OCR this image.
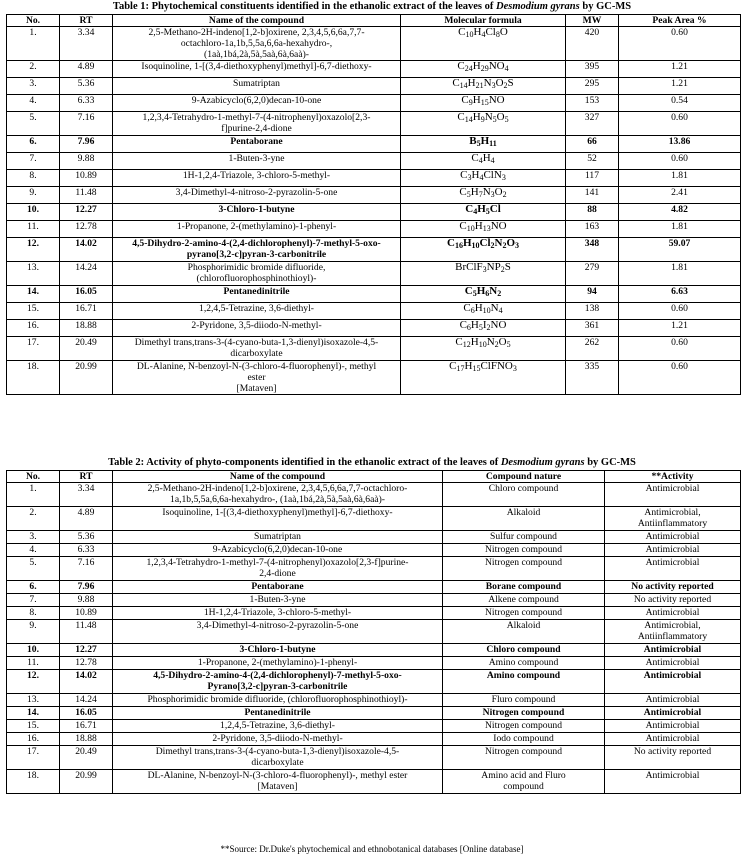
Table 1: Phytochemical constituents identified in the ethanolic extract of the leaves of Desmodium gyrans by GC-MS
No.	RT	Name of the compound	Molecular formula	MW	Peak Area %
1.	3.34	2,5-Methano-2H-indeno[1,2-b]oxirene, 2,3,4,5,6,6a,7,7-
octachloro-1a,1b,5,5a,6,6a-hexahydro-,
(1aà,1bá,2à,5à,5aà,6à,6aà)-	$C_{10}H_4Cl_8O$	420	0.60
2.	4.89	Isoquinoline, 1-[(3,4-diethoxyphenyl)methyl]-6,7-diethoxy-	$C_{24}H_{29}NO_4$	395	1.21
3.	5.36	Sumatriptan	$C_{14}H_{21}N_3O_2S$	295	1.21
4.	6.33	9-Azabicyclo(6,2,0)decan-10-one	$C_9H_{15}NO$	153	0.54
5.	7.16	1,2,3,4-Tetrahydro-1-methyl-7-(4-nitrophenyl)oxazolo[2,3-
f]purine-2,4-dione	$C_{14}H_9N_5O_5$	327	0.60
6.	7.96	Pentaborane	$B_5H_{11}$	66	13.86
7.	9.88	1-Buten-3-yne	$C_4H_4$	52	0.60
8.	10.89	1H-1,2,4-Triazole, 3-chloro-5-methyl-	$C_3H_4ClN_3$	117	1.81
9.	11.48	3,4-Dimethyl-4-nitroso-2-pyrazolin-5-one	$C_5H_7N_3O_2$	141	2.41
10.	12.27	3-Chloro-1-butyne	$C_4H_5Cl$	88	4.82
11.	12.78	1-Propanone, 2-(methylamino)-1-phenyl-	$C_{10}H_{13}NO$	163	1.81
12.	14.02	4,5-Dihydro-2-amino-4-(2,4-dichlorophenyl)-7-methyl-5-oxo-
pyrano[3,2-c]pyran-3-carbonitrile	$C_{16}H_{10}Cl_2N_2O_3$	348	59.07
13.	14.24	Phosphorimidic bromide difluoride,
(chlorofluorophosphinothioyl)-	$BrClF_3NP_2S$	279	1.81
14.	16.05	Pentanedinitrile	$C_5H_6N_2$	94	6.63
15.	16.71	1,2,4,5-Tetrazine, 3,6-diethyl-	$C_6H_{10}N_4$	138	0.60
16.	18.88	2-Pyridone, 3,5-diiodo-N-methyl-	$C_6H_5I_2NO$	361	1.21
17.	20.49	Dimethyl trans,trans-3-(4-cyano-buta-1,3-dienyl)isoxazole-4,5-
dicarboxylate	$C_{12}H_{10}N_2O_5$	262	0.60
18.	20.99	DL-Alanine, N-benzoyl-N-(3-chloro-4-fluorophenyl)-, methyl
ester
[Mataven]	$C_{17}H_{15}ClFNO_3$	335	0.60
Table 2: Activity of phyto-components identified in the ethanolic extract of the leaves of Desmodium gyrans by GC-MS
No.	RT	Name of the compound	Compound nature	**Activity
1.	3.34	2,5-Methano-2H-indeno[1,2-b]oxirene, 2,3,4,5,6,6a,7,7-octachloro-
1a,1b,5,5a,6,6a-hexahydro-, (1aà,1bá,2à,5à,5aà,6à,6aà)-	Chloro compound	Antimicrobial
2.	4.89	Isoquinoline, 1-[(3,4-diethoxyphenyl)methyl]-6,7-diethoxy-	Alkaloid	Antimicrobial,
Antiinflammatory
3.	5.36	Sumatriptan	Sulfur compound	Antimicrobial
4.	6.33	9-Azabicyclo(6,2,0)decan-10-one	Nitrogen compound	Antimicrobial
5.	7.16	1,2,3,4-Tetrahydro-1-methyl-7-(4-nitrophenyl)oxazolo[2,3-f]purine-
2,4-dione	Nitrogen compound	Antimicrobial
6.	7.96	Pentaborane	Borane compound	No activity reported
7.	9.88	1-Buten-3-yne	Alkene compound	No activity reported
8.	10.89	1H-1,2,4-Triazole, 3-chloro-5-methyl-	Nitrogen compound	Antimicrobial
9.	11.48	3,4-Dimethyl-4-nitroso-2-pyrazolin-5-one	Alkaloid	Antimicrobial,
Antiinflammatory
10.	12.27	3-Chloro-1-butyne	Chloro compound	Antimicrobial
11.	12.78	1-Propanone, 2-(methylamino)-1-phenyl-	Amino compound	Antimicrobial
12.	14.02	4,5-Dihydro-2-amino-4-(2,4-dichlorophenyl)-7-methyl-5-oxo-
Pyrano[3,2-c]pyran-3-carbonitrile	Amino compound	Antimicrobial
13.	14.24	Phosphorimidic bromide difluoride, (chlorofluorophosphinothioyl)-	Fluro compound	Antimicrobial
14.	16.05	Pentanedinitrile	Nitrogen compound	Antimicrobial
15.	16.71	1,2,4,5-Tetrazine, 3,6-diethyl-	Nitrogen compound	Antimicrobial
16.	18.88	2-Pyridone, 3,5-diiodo-N-methyl-	Iodo compound	Antimicrobial
17.	20.49	Dimethyl trans,trans-3-(4-cyano-buta-1,3-dienyl)isoxazole-4,5-
dicarboxylate	Nitrogen compound	No activity reported
18.	20.99	DL-Alanine, N-benzoyl-N-(3-chloro-4-fluorophenyl)-, methyl ester
[Mataven]	Amino acid and Fluro
compound	Antimicrobial
**Source: Dr.Duke's phytochemical and ethnobotanical databases [Online database]
